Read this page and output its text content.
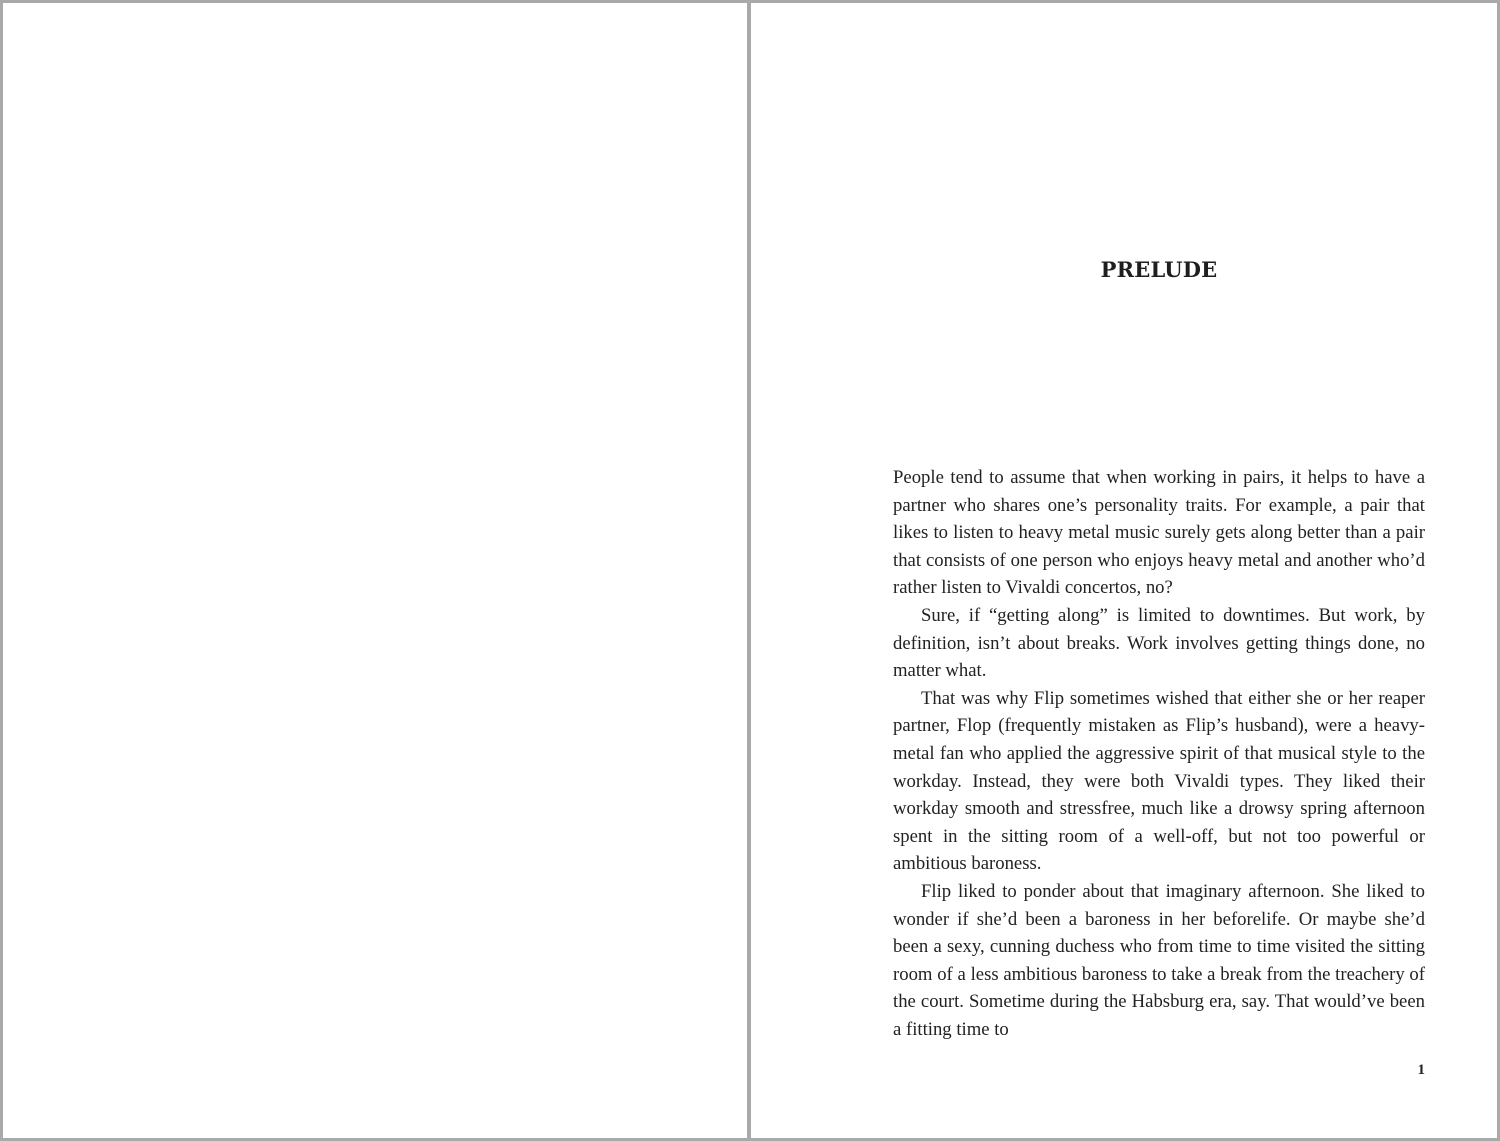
PRELUDE

People tend to assume that when working in pairs, it helps to have a partner who shares one’s personality traits. For example, a pair that likes to listen to heavy metal music surely gets along better than a pair that consists of one person who enjoys heavy metal and another who’d rather listen to Vivaldi concertos, no?

Sure, if “getting along” is limited to downtimes. But work, by definition, isn’t about breaks. Work involves getting things done, no matter what.

That was why Flip sometimes wished that either she or her reaper partner, Flop (frequently mistaken as Flip’s husband), were a heavy-metal fan who applied the aggressive spirit of that musical style to the workday. Instead, they were both Vivaldi types. They liked their workday smooth and stressfree, much like a drowsy spring afternoon spent in the sitting room of a well-off, but not too powerful or ambitious baroness.

Flip liked to ponder about that imaginary afternoon. She liked to wonder if she’d been a baroness in her beforelife. Or maybe she’d been a sexy, cunning duchess who from time to time visited the sitting room of a less ambitious baroness to take a break from the treachery of the court. Sometime during the Habsburg era, say. That would’ve been a fitting time to

1
